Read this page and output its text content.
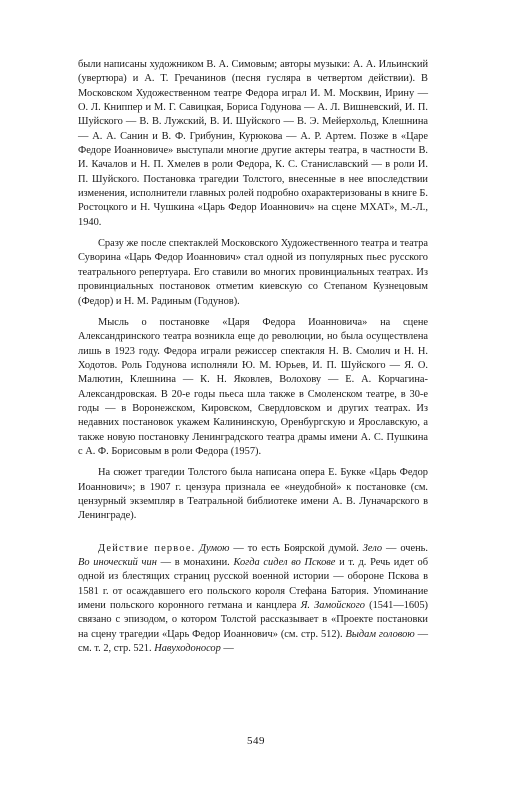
были написаны художником В. А. Симовым; авторы музыки: А. А. Ильинский (увертюра) и А. Т. Гречанинов (песня гусляра в четвертом действии). В Московском Художественном театре Федора играл И. М. Москвин, Ирину — О. Л. Книппер и М. Г. Савицкая, Бориса Годунова — А. Л. Вишневский, И. П. Шуйского — В. В. Лужский, В. И. Шуйского — В. Э. Мейерхольд, Клешнина — А. А. Санин и В. Ф. Грибунин, Курюкова — А. Р. Артем. Позже в «Царе Федоре Иоанновиче» выступали многие другие актеры театра, в частности В. И. Качалов и Н. П. Хмелев в роли Федора, К. С. Станиславский — в роли И. П. Шуйского. Постановка трагедии Толстого, внесенные в нее впоследствии изменения, исполнители главных ролей подробно охарактеризованы в книге Б. Ростоцкого и Н. Чушкина «Царь Федор Иоаннович» на сцене МХАТ», М.-Л., 1940.
Сразу же после спектаклей Московского Художественного театра и театра Суворина «Царь Федор Иоаннович» стал одной из популярных пьес русского театрального репертуара. Его ставили во многих провинциальных театрах. Из провинциальных постановок отметим киевскую со Степаном Кузнецовым (Федор) и Н. М. Радиным (Годунов).
Мысль о постановке «Царя Федора Иоанновича» на сцене Александринского театра возникла еще до революции, но была осуществлена лишь в 1923 году. Федора играли режиссер спектакля Н. В. Смолич и Н. Н. Ходотов. Роль Годунова исполняли Ю. М. Юрьев, И. П. Шуйского — Я. О. Малютин, Клешнина — К. Н. Яковлев, Волохову — Е. А. Корчагина-Александровская. В 20-е годы пьеса шла также в Смоленском театре, в 30-е годы — в Воронежском, Кировском, Свердловском и других театрах. Из недавних постановок укажем Калининскую, Оренбургскую и Ярославскую, а также новую постановку Ленинградского театра драмы имени А. С. Пушкина с А. Ф. Борисовым в роли Федора (1957).
На сюжет трагедии Толстого была написана опера Е. Букке «Царь Федор Иоаннович»; в 1907 г. цензура признала ее «неудобной» к постановке (см. цензурный экземпляр в Театральной библиотеке имени А. В. Луначарского в Ленинграде).
Действие первое. Думою — то есть Боярской думой. Зело — очень. Во иноческий чин — в монахини. Когда сидел во Пскове и т. д. Речь идет об одной из блестящих страниц русской военной истории — обороне Пскова в 1581 г. от осаждавшего его польского короля Стефана Батория. Упоминание имени польского коронного гетмана и канцлера Я. Замойского (1541—1605) связано с эпизодом, о котором Толстой рассказывает в «Проекте постановки на сцену трагедии «Царь Федор Иоаннович» (см. стр. 512). Выдам головою — см. т. 2, стр. 521. Навуходоносор —
549
